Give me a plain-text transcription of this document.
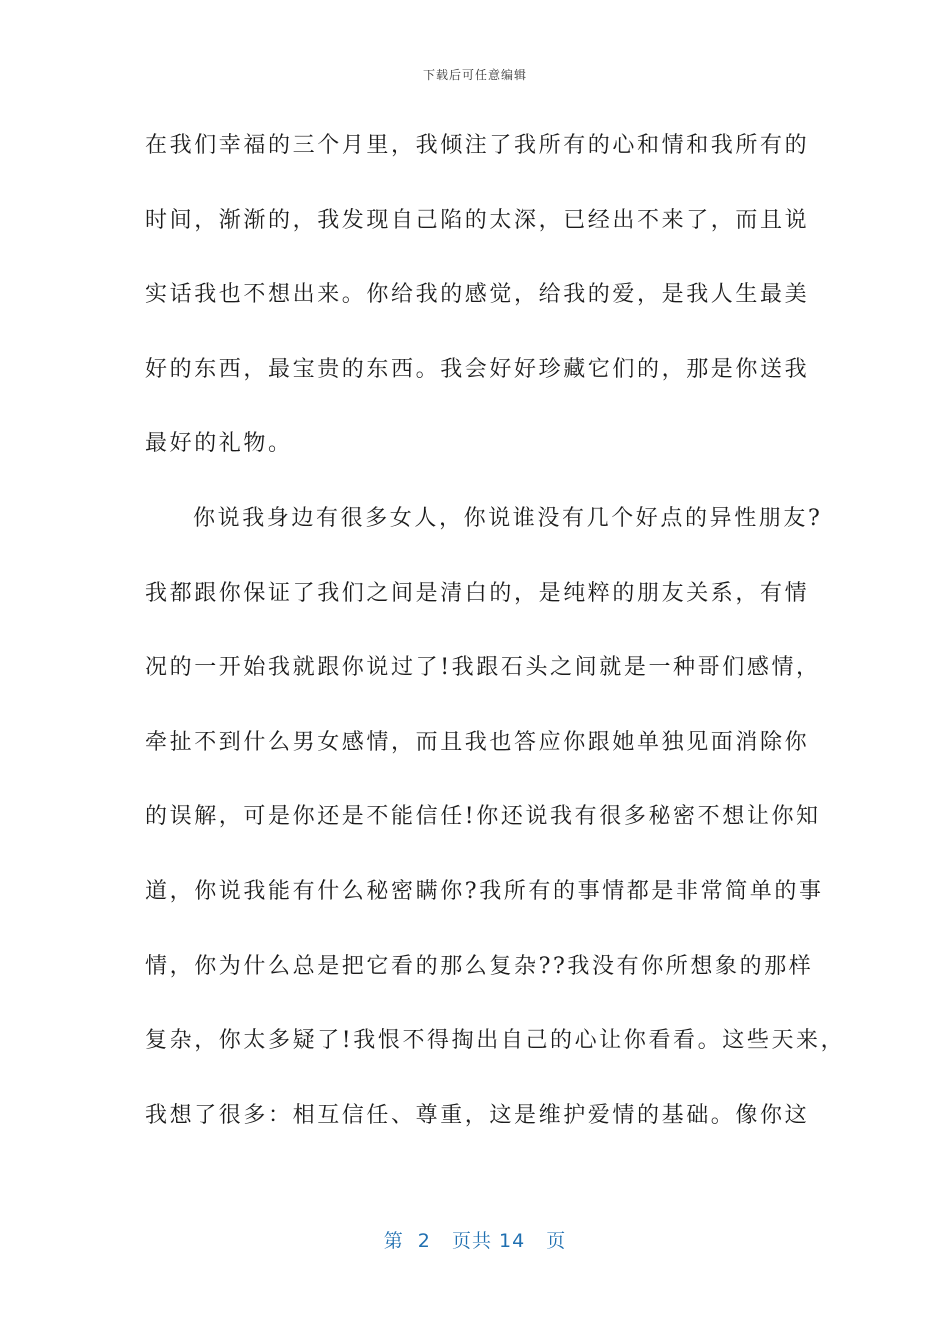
下载后可任意编辑
在我们幸福的三个月里，我倾注了我所有的心和情和我所有的
时间，渐渐的，我发现自己陷的太深，已经出不来了，而且说
实话我也不想出来。你给我的感觉，给我的爱，是我人生最美
好的东西，最宝贵的东西。我会好好珍藏它们的，那是你送我
最好的礼物。
你说我身边有很多女人，你说谁没有几个好点的异性朋友?
我都跟你保证了我们之间是清白的，是纯粹的朋友关系，有情
况的一开始我就跟你说过了!我跟石头之间就是一种哥们感情，
牵扯不到什么男女感情，而且我也答应你跟她单独见面消除你
的误解，可是你还是不能信任!你还说我有很多秘密不想让你知
道，你说我能有什么秘密瞒你?我所有的事情都是非常简单的事
情，你为什么总是把它看的那么复杂??我没有你所想象的那样
复杂，你太多疑了!我恨不得掏出自己的心让你看看。这些天来，
我想了很多：相互信任、尊重，这是维护爱情的基础。像你这
第  2   页共 14   页
